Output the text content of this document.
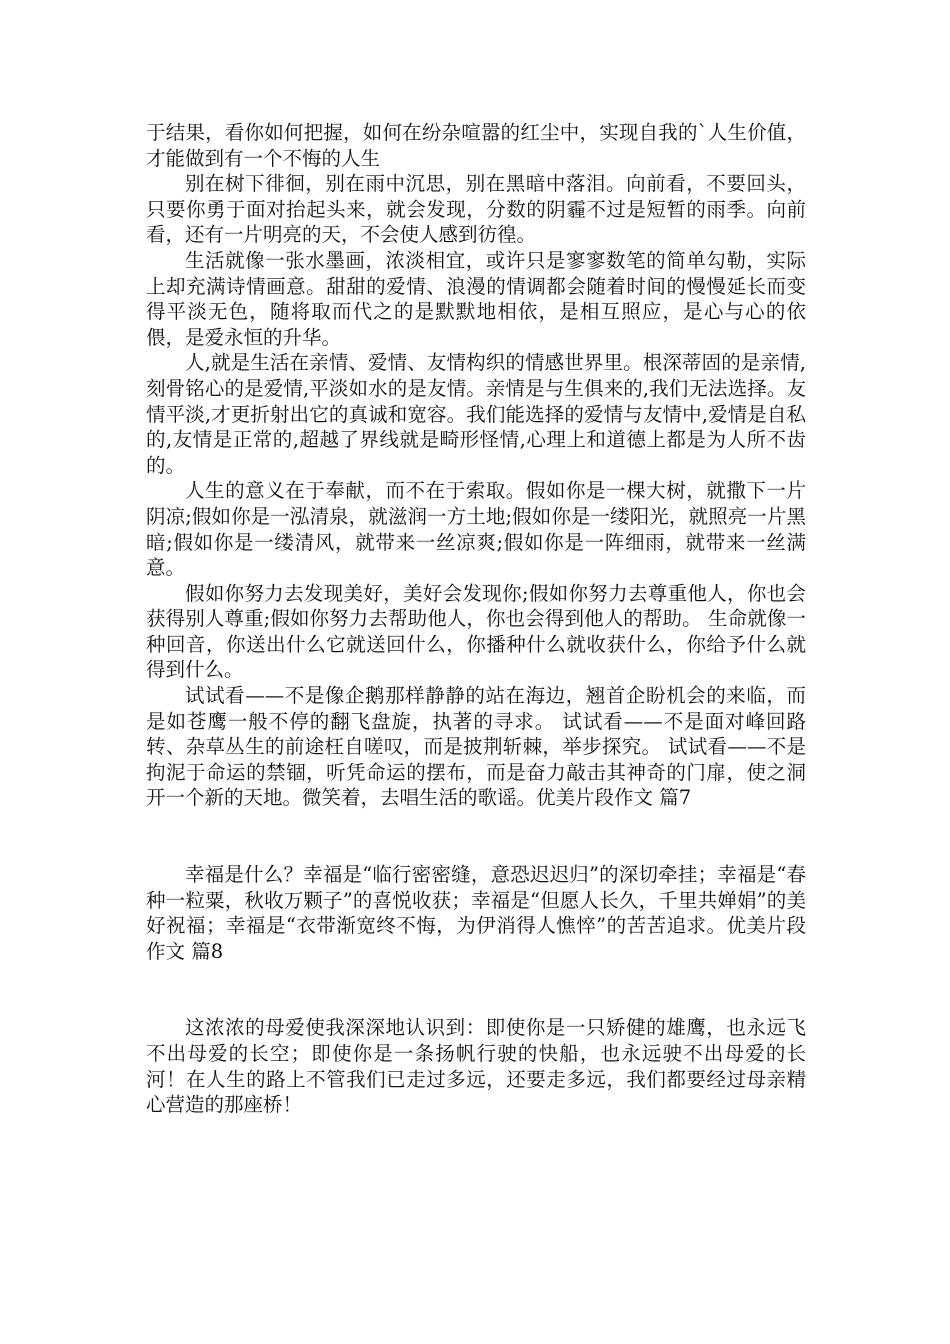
于结果，看你如何把握，如何在纷杂喧嚣的红尘中，实现自我的`人生价值，才能做到有一个不悔的人生

别在树下徘徊，别在雨中沉思，别在黑暗中落泪。向前看，不要回头，只要你勇于面对抬起头来，就会发现，分数的阴霾不过是短暂的雨季。向前看，还有一片明亮的天，不会使人感到彷徨。

生活就像一张水墨画，浓淡相宜，或许只是寥寥数笔的简单勾勒，实际上却充满诗情画意。甜甜的爱情、浪漫的情调都会随着时间的慢慢延长而变得平淡无色，随将取而代之的是默默地相依，是相互照应，是心与心的依偎，是爱永恒的升华。

人,就是生活在亲情、爱情、友情构织的情感世界里。根深蒂固的是亲情,刻骨铭心的是爱情,平淡如水的是友情。亲情是与生俱来的,我们无法选择。友情平淡,才更折射出它的真诚和宽容。我们能选择的爱情与友情中,爱情是自私的,友情是正常的,超越了界线就是畸形怪情,心理上和道德上都是为人所不齿的。

人生的意义在于奉献，而不在于索取。假如你是一棵大树，就撒下一片阴凉;假如你是一泓清泉，就滋润一方土地;假如你是一缕阳光，就照亮一片黑暗;假如你是一缕清风，就带来一丝凉爽;假如你是一阵细雨，就带来一丝满意。

假如你努力去发现美好，美好会发现你;假如你努力去尊重他人，你也会获得别人尊重;假如你努力去帮助他人，你也会得到他人的帮助。 生命就像一种回音，你送出什么它就送回什么，你播种什么就收获什么，你给予什么就得到什么。

试试看——不是像企鹅那样静静的站在海边，翘首企盼机会的来临，而是如苍鹰一般不停的翻飞盘旋，执著的寻求。 试试看——不是面对峰回路转、杂草丛生的前途枉自嗟叹，而是披荆斩棘，举步探究。 试试看——不是拘泥于命运的禁锢，听凭命运的摆布，而是奋力敲击其神奇的门扉，使之洞开一个新的天地。微笑着，去唱生活的歌谣。优美片段作文 篇7

幸福是什么？幸福是“临行密密缝，意恐迟迟归”的深切牵挂；幸福是“春种一粒粟，秋收万颗子”的喜悦收获；幸福是“但愿人长久，千里共婵娟”的美好祝福；幸福是“衣带渐宽终不悔，为伊消得人憔悴”的苦苦追求。优美片段作文 篇8

这浓浓的母爱使我深深地认识到：即使你是一只矫健的雄鹰，也永远飞不出母爱的长空；即使你是一条扬帆行驶的快船，也永远驶不出母爱的长河！在人生的路上不管我们已走过多远，还要走多远，我们都要经过母亲精心营造的那座桥！
